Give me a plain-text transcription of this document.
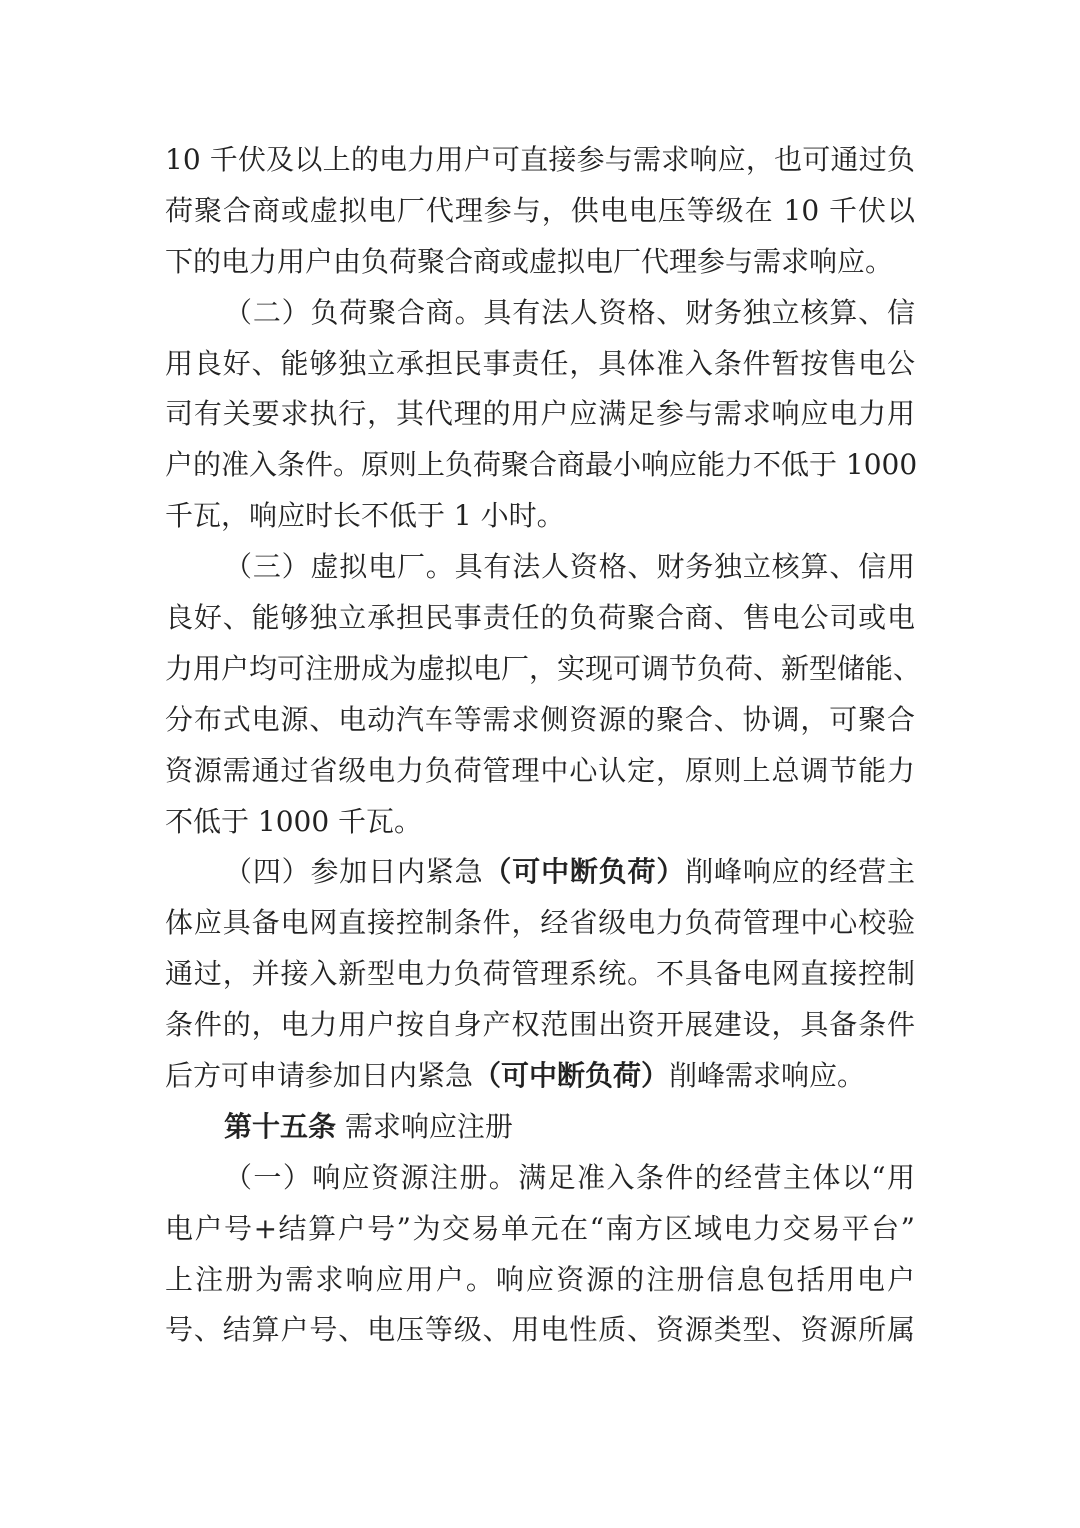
10 千伏及以上的电力用户可直接参与需求响应，也可通过负
荷聚合商或虚拟电厂代理参与，供电电压等级在 10 千伏以
下的电力用户由负荷聚合商或虚拟电厂代理参与需求响应。
（二）负荷聚合商。具有法人资格、财务独立核算、信
用良好、能够独立承担民事责任，具体准入条件暂按售电公
司有关要求执行，其代理的用户应满足参与需求响应电力用
户的准入条件。原则上负荷聚合商最小响应能力不低于 1000
千瓦，响应时长不低于 1 小时。
（三）虚拟电厂。具有法人资格、财务独立核算、信用
良好、能够独立承担民事责任的负荷聚合商、售电公司或电
力用户均可注册成为虚拟电厂，实现可调节负荷、新型储能、
分布式电源、电动汽车等需求侧资源的聚合、协调，可聚合
资源需通过省级电力负荷管理中心认定，原则上总调节能力
不低于 1000 千瓦。
（四）参加日内紧急（可中断负荷）削峰响应的经营主
体应具备电网直接控制条件，经省级电力负荷管理中心校验
通过，并接入新型电力负荷管理系统。不具备电网直接控制
条件的，电力用户按自身产权范围出资开展建设，具备条件
后方可申请参加日内紧急（可中断负荷）削峰需求响应。
第十五条 需求响应注册
（一）响应资源注册。满足准入条件的经营主体以“用
电户号+结算户号”为交易单元在“南方区域电力交易平台”
上注册为需求响应用户。响应资源的注册信息包括用电户
号、结算户号、电压等级、用电性质、资源类型、资源所属
